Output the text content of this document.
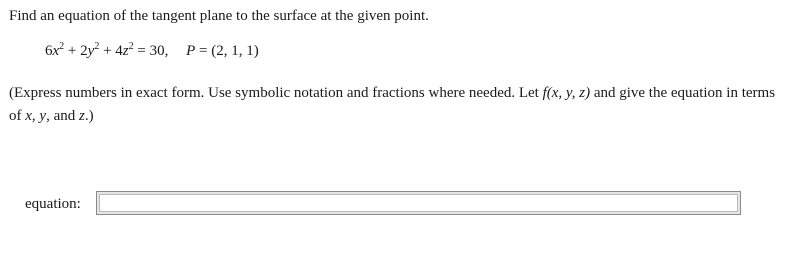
Find an equation of the tangent plane to the surface at the given point.

$6x^2 + 2y^2 + 4z^2 = 30$, P = (2, 1, 1)

(Express numbers in exact form. Use symbolic notation and fractions where needed. Let f(x, y, z) and give the equation in terms of x, y, and z.)

equation:
